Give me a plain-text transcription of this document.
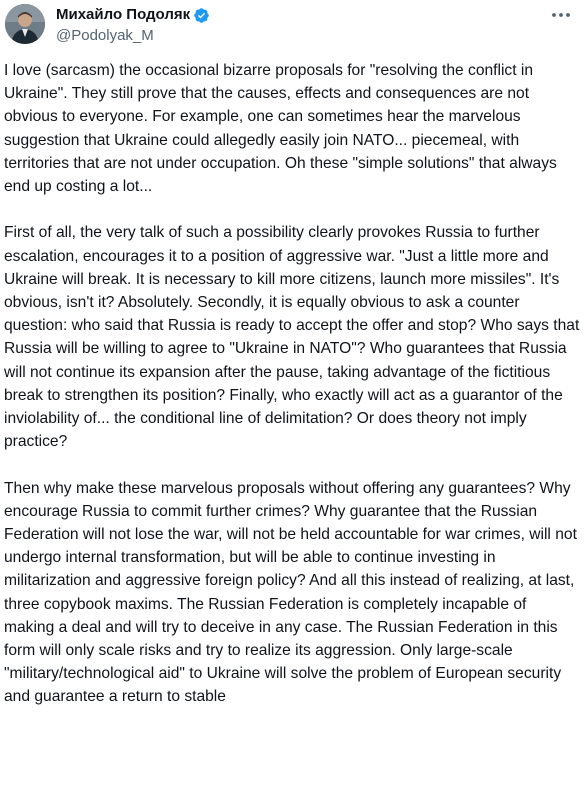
Михайло Подоляк
@Podolyak_M

I love (sarcasm) the occasional bizarre proposals for "resolving the conflict in Ukraine". They still prove that the causes, effects and consequences are not obvious to everyone. For example, one can sometimes hear the marvelous suggestion that Ukraine could allegedly easily join NATO... piecemeal, with territories that are not under occupation. Oh these "simple solutions" that always end up costing a lot...

First of all, the very talk of such a possibility clearly provokes Russia to further escalation, encourages it to a position of aggressive war. "Just a little more and Ukraine will break. It is necessary to kill more citizens, launch more missiles". It's obvious, isn't it? Absolutely. Secondly, it is equally obvious to ask a counter question: who said that Russia is ready to accept the offer and stop? Who says that Russia will be willing to agree to "Ukraine in NATO"? Who guarantees that Russia will not continue its expansion after the pause, taking advantage of the fictitious break to strengthen its position? Finally, who exactly will act as a guarantor of the inviolability of... the conditional line of delimitation? Or does theory not imply practice?

Then why make these marvelous proposals without offering any guarantees? Why encourage Russia to commit further crimes? Why guarantee that the Russian Federation will not lose the war, will not be held accountable for war crimes, will not undergo internal transformation, but will be able to continue investing in militarization and aggressive foreign policy? And all this instead of realizing, at last, three copybook maxims. The Russian Federation is completely incapable of making a deal and will try to deceive in any case. The Russian Federation in this form will only scale risks and try to realize its aggression. Only large-scale "military/technological aid" to Ukraine will solve the problem of European security and guarantee a return to stable
